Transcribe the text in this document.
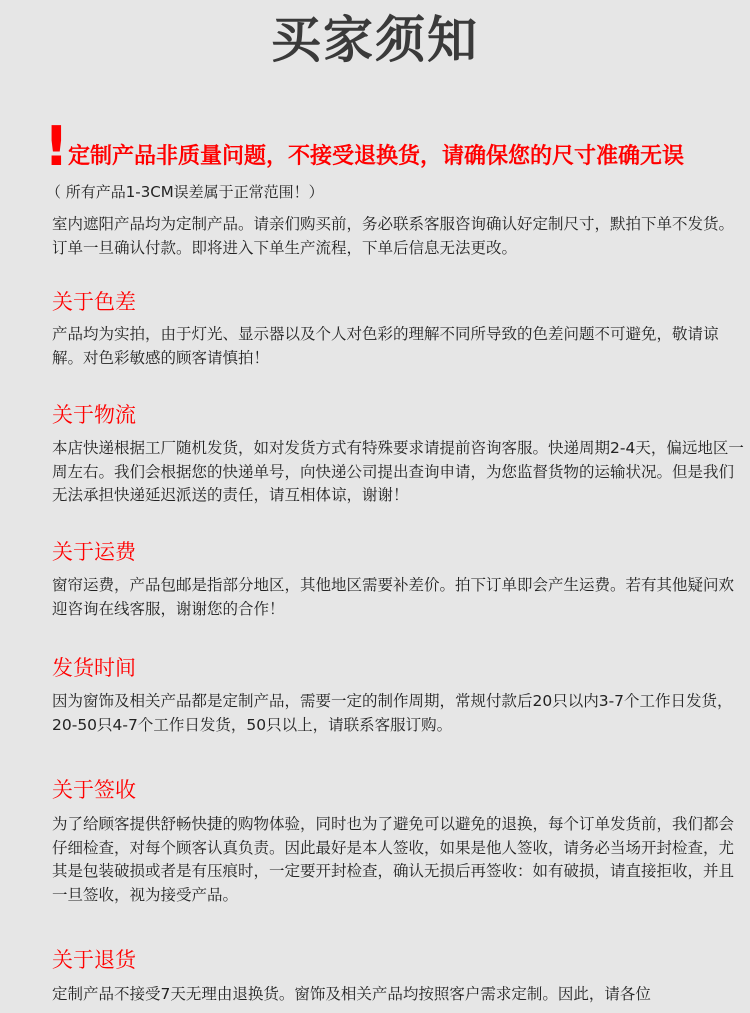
买家须知
! 定制产品非质量问题，不接受退换货，请确保您的尺寸准确无误
（ 所有产品1-3CM误差属于正常范围！）
室内遮阳产品均为定制产品。请亲们购买前，务必联系客服咨询确认好定制尺寸，默拍下单不发货。订单一旦确认付款。即将进入下单生产流程，下单后信息无法更改。
关于色差
产品均为实拍，由于灯光、显示器以及个人对色彩的理解不同所导致的色差问题不可避免，敬请谅解。对色彩敏感的顾客请慎拍！
关于物流
本店快递根据工厂随机发货，如对发货方式有特殊要求请提前咨询客服。快递周期2-4天，偏远地区一周左右。我们会根据您的快递单号，向快递公司提出查询申请，为您监督货物的运输状况。但是我们无法承担快递延迟派送的责任，请互相体谅，谢谢！
关于运费
窗帘运费，产品包邮是指部分地区，其他地区需要补差价。拍下订单即会产生运费。若有其他疑问欢迎咨询在线客服，谢谢您的合作！
发货时间
因为窗饰及相关产品都是定制产品，需要一定的制作周期，常规付款后20只以内3-7个工作日发货，20-50只4-7个工作日发货，50只以上，请联系客服订购。
关于签收
为了给顾客提供舒畅快捷的购物体验，同时也为了避免可以避免的退换，每个订单发货前，我们都会仔细检查，对每个顾客认真负责。因此最好是本人签收，如果是他人签收，请务必当场开封检查，尤其是包装破损或者是有压痕时，一定要开封检查，确认无损后再签收：如有破损，请直接拒收，并且一旦签收，视为接受产品。
关于退货
定制产品不接受7天无理由退换货。窗饰及相关产品均按照客户需求定制。因此，请各位
